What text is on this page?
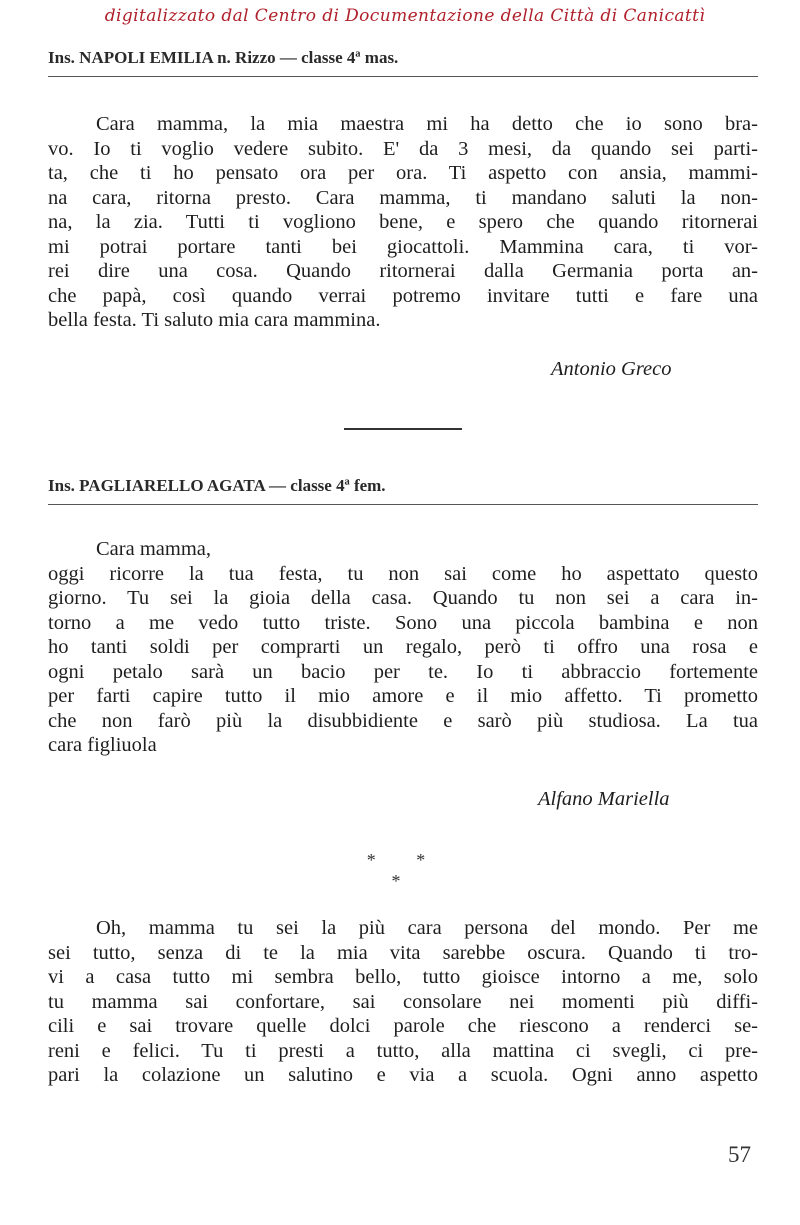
digitalizzato dal Centro di Documentazione della Città di Canicattì
Ins. NAPOLI EMILIA n. Rizzo — classe 4ª mas.
Cara mamma, la mia maestra mi ha detto che io sono bra-
vo. Io ti voglio vedere subito. E' da 3 mesi, da quando sei parti-
ta, che ti ho pensato ora per ora. Ti aspetto con ansia, mammi-
na cara, ritorna presto. Cara mamma, ti mandano saluti la non-
na, la zia. Tutti ti vogliono bene, e spero che quando ritornerai
mi potrai portare tanti bei giocattoli. Mammina cara, ti vor-
rei dire una cosa. Quando ritornerai dalla Germania porta an-
che papà, così quando verrai potremo invitare tutti e fare una
bella festa. Ti saluto mia cara mammina.
Antonio Greco
Ins. PAGLIARELLO AGATA — classe 4ª fem.
Cara mamma,
oggi ricorre la tua festa, tu non sai come ho aspettato questo
giorno. Tu sei la gioia della casa. Quando tu non sei a cara in-
torno a me vedo tutto triste. Sono una piccola bambina e non
ho tanti soldi per comprarti un regalo, però ti offro una rosa e
ogni petalo sarà un bacio per te. Io ti abbraccio fortemente
per farti capire tutto il mio amore e il mio affetto. Ti prometto
che non farò più la disubbidiente e sarò più studiosa. La tua
cara figliuola
Alfano Mariella
* * *
Oh, mamma tu sei la più cara persona del mondo. Per me
sei tutto, senza di te la mia vita sarebbe oscura. Quando ti tro-
vi a casa tutto mi sembra bello, tutto gioisce intorno a me, solo
tu mamma sai confortare, sai consolare nei momenti più diffi-
cili e sai trovare quelle dolci parole che riescono a renderci se-
reni e felici. Tu ti presti a tutto, alla mattina ci svegli, ci pre-
pari la colazione un salutino e via a scuola. Ogni anno aspetto
57
